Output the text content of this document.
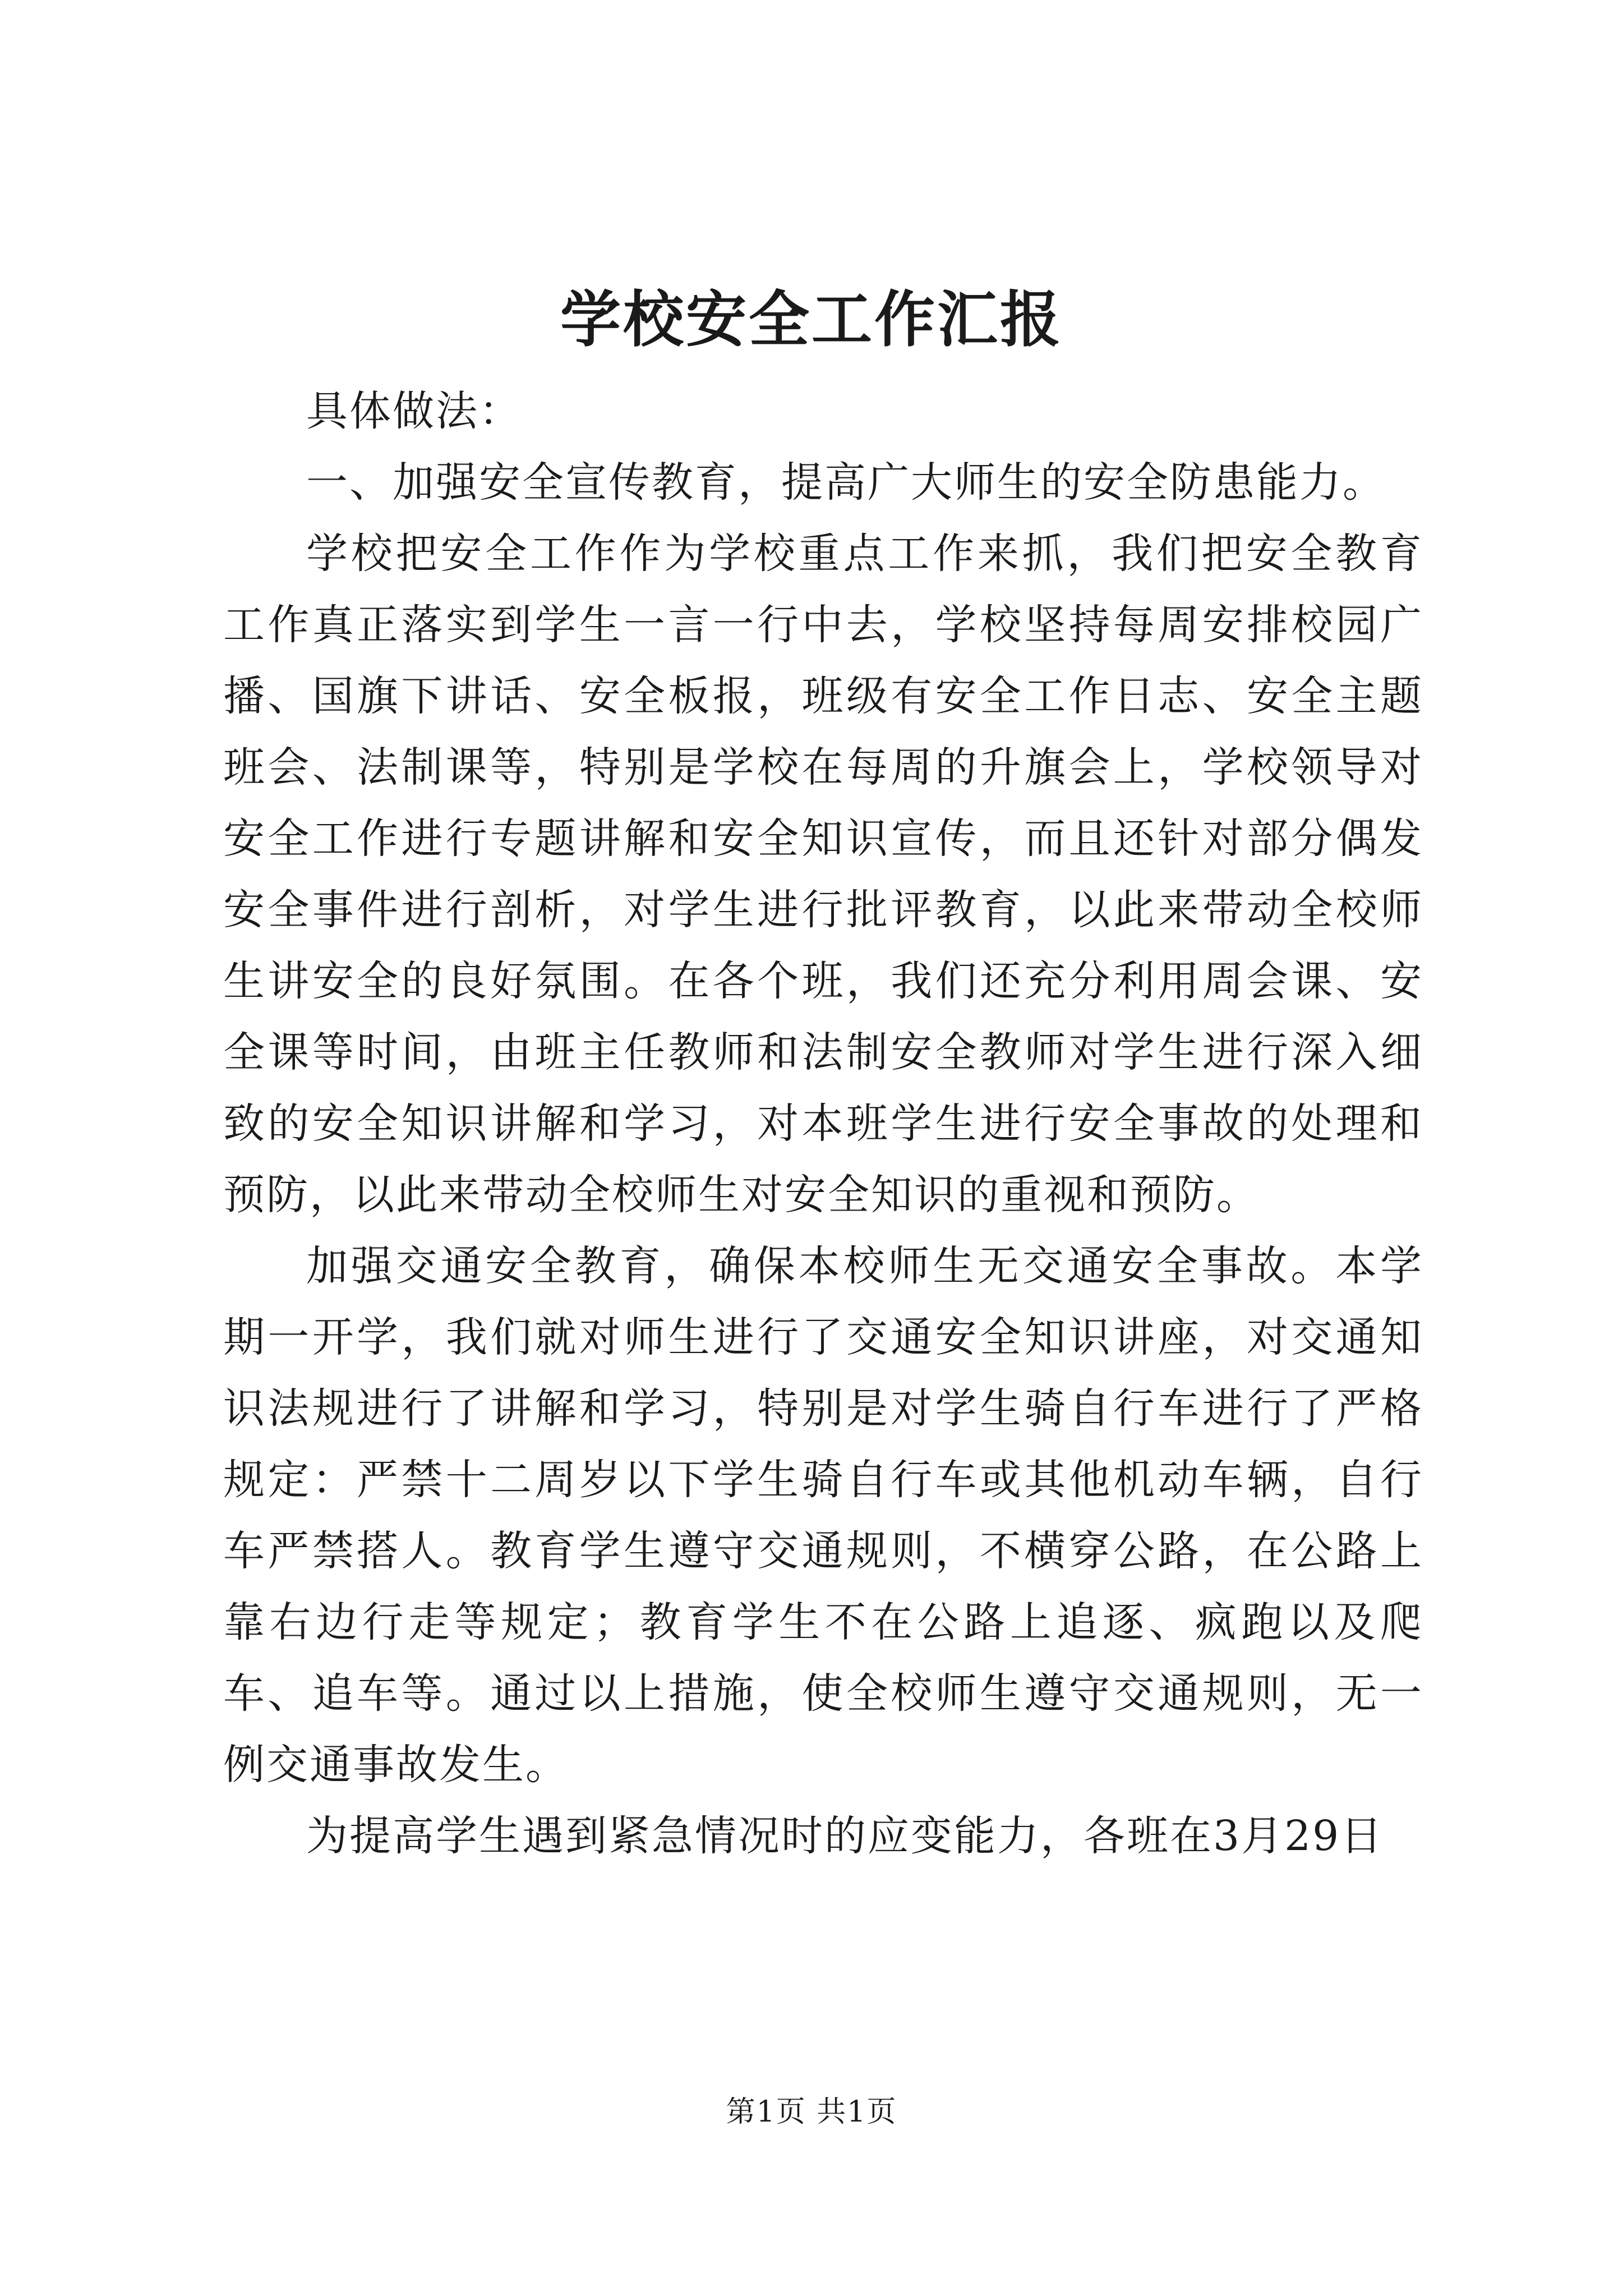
学校安全工作汇报

具体做法：

一、加强安全宣传教育，提高广大师生的安全防患能力。

学校把安全工作作为学校重点工作来抓，我们把安全教育工作真正落实到学生一言一行中去，学校坚持每周安排校园广播、国旗下讲话、安全板报，班级有安全工作日志、安全主题班会、法制课等，特别是学校在每周的升旗会上，学校领导对安全工作进行专题讲解和安全知识宣传，而且还针对部分偶发安全事件进行剖析，对学生进行批评教育，以此来带动全校师生讲安全的良好氛围。在各个班，我们还充分利用周会课、安全课等时间，由班主任教师和法制安全教师对学生进行深入细致的安全知识讲解和学习，对本班学生进行安全事故的处理和预防，以此来带动全校师生对安全知识的重视和预防。

加强交通安全教育，确保本校师生无交通安全事故。本学期一开学，我们就对师生进行了交通安全知识讲座，对交通知识法规进行了讲解和学习，特别是对学生骑自行车进行了严格规定：严禁十二周岁以下学生骑自行车或其他机动车辆，自行车严禁搭人。教育学生遵守交通规则，不横穿公路，在公路上靠右边行走等规定；教育学生不在公路上追逐、疯跑以及爬车、追车等。通过以上措施，使全校师生遵守交通规则，无一例交通事故发生。

为提高学生遇到紧急情况时的应变能力，各班在3月29日

第1页 共1页
